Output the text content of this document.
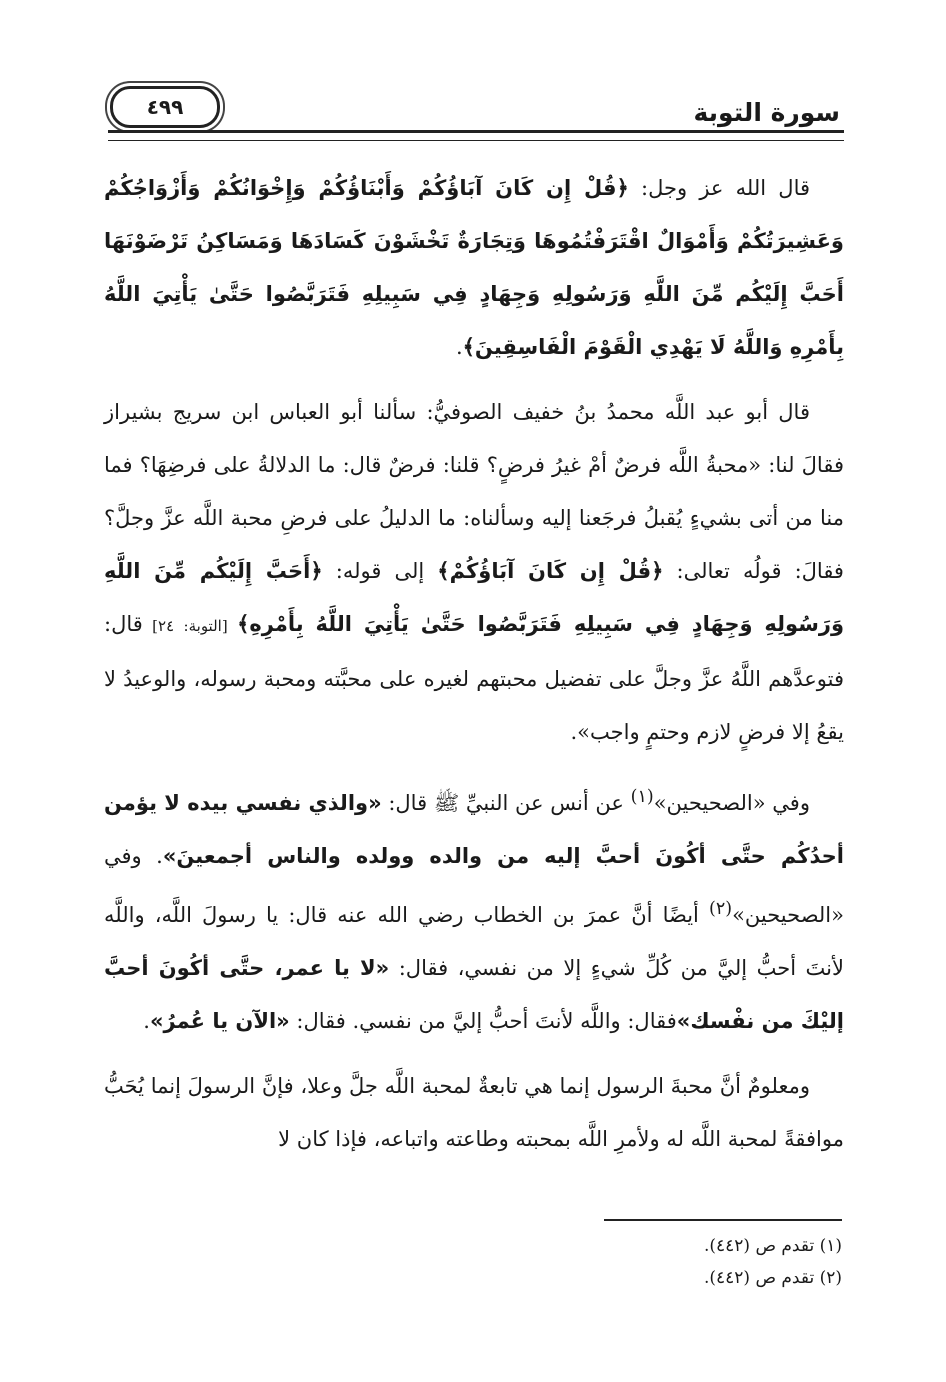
سورة التوبة
٤٩٩

قال الله عز وجل: ﴿قُلْ إِن كَانَ آبَاؤُكُمْ وَأَبْنَاؤُكُمْ وَإِخْوَانُكُمْ وَأَزْوَاجُكُمْ وَعَشِيرَتُكُمْ وَأَمْوَالٌ اقْتَرَفْتُمُوهَا وَتِجَارَةٌ تَخْشَوْنَ كَسَادَهَا وَمَسَاكِنُ تَرْضَوْنَهَا أَحَبَّ إِلَيْكُم مِّنَ اللَّهِ وَرَسُولِهِ وَجِهَادٍ فِي سَبِيلِهِ فَتَرَبَّصُوا حَتَّىٰ يَأْتِيَ اللَّهُ بِأَمْرِهِ وَاللَّهُ لَا يَهْدِي الْقَوْمَ الْفَاسِقِينَ﴾.

قال أبو عبد اللَّه محمدُ بنُ خفيف الصوفيُّ: سألنا أبو العباس ابن سريج بشيراز فقالَ لنا: «محبةُ اللَّه فرضٌ أمْ غيرُ فرضٍ؟ قلنا: فرضٌ قال: ما الدلالةُ على فرضِهَا؟ فما منا من أتى بشيءٍ يُقبلُ فرجَعنا إليه وسألناه: ما الدليلُ على فرضِ محبة اللَّه عزَّ وجلَّ؟ فقالَ: قولُه تعالى: ﴿قُلْ إِن كَانَ آبَاؤُكُمْ﴾ إلى قوله: ﴿أَحَبَّ إِلَيْكُم مِّنَ اللَّهِ وَرَسُولِهِ وَجِهَادٍ فِي سَبِيلِهِ فَتَرَبَّصُوا حَتَّىٰ يَأْتِيَ اللَّهُ بِأَمْرِهِ﴾ [التوبة: ٢٤] قال: فتوعدَّهم اللَّهُ عزَّ وجلَّ على تفضيل محبتهم لغيره على محبَّته ومحبة رسوله، والوعيدُ لا يقعُ إلا فرضٍ لازم وحتمٍ واجب».

وفي «الصحيحين»$^{(١)}$ عن أنس عن النبيِّ ﷺ قال: «والذي نفسي بيده لا يؤمن أحدُكُم حتَّى أكُونَ أحبَّ إليه من والده وولده والناس أجمعينَ». وفي «الصحيحين»$^{(٢)}$ أيضًا أنَّ عمرَ بن الخطاب رضي الله عنه قال: يا رسولَ اللَّه، واللَّه لأنتَ أحبُّ إليَّ من كُلِّ شيءٍ إلا من نفسي، فقال: «لا يا عمر، حتَّى أكُونَ أحبَّ إليْكَ من نفْسك»فقال: واللَّه لأنتَ أحبُّ إليَّ من نفسي. فقال: «الآن يا عُمرُ».

ومعلومٌ أنَّ محبةَ الرسول إنما هي تابعةٌ لمحبة اللَّه جلَّ وعلا، فإنَّ الرسولَ إنما يُحَبُّ موافقةً لمحبة اللَّه له ولأمرِ اللَّه بمحبته وطاعته واتباعه، فإذا كان لا

(١) تقدم ص (٤٤٢).
(٢) تقدم ص (٤٤٢).
